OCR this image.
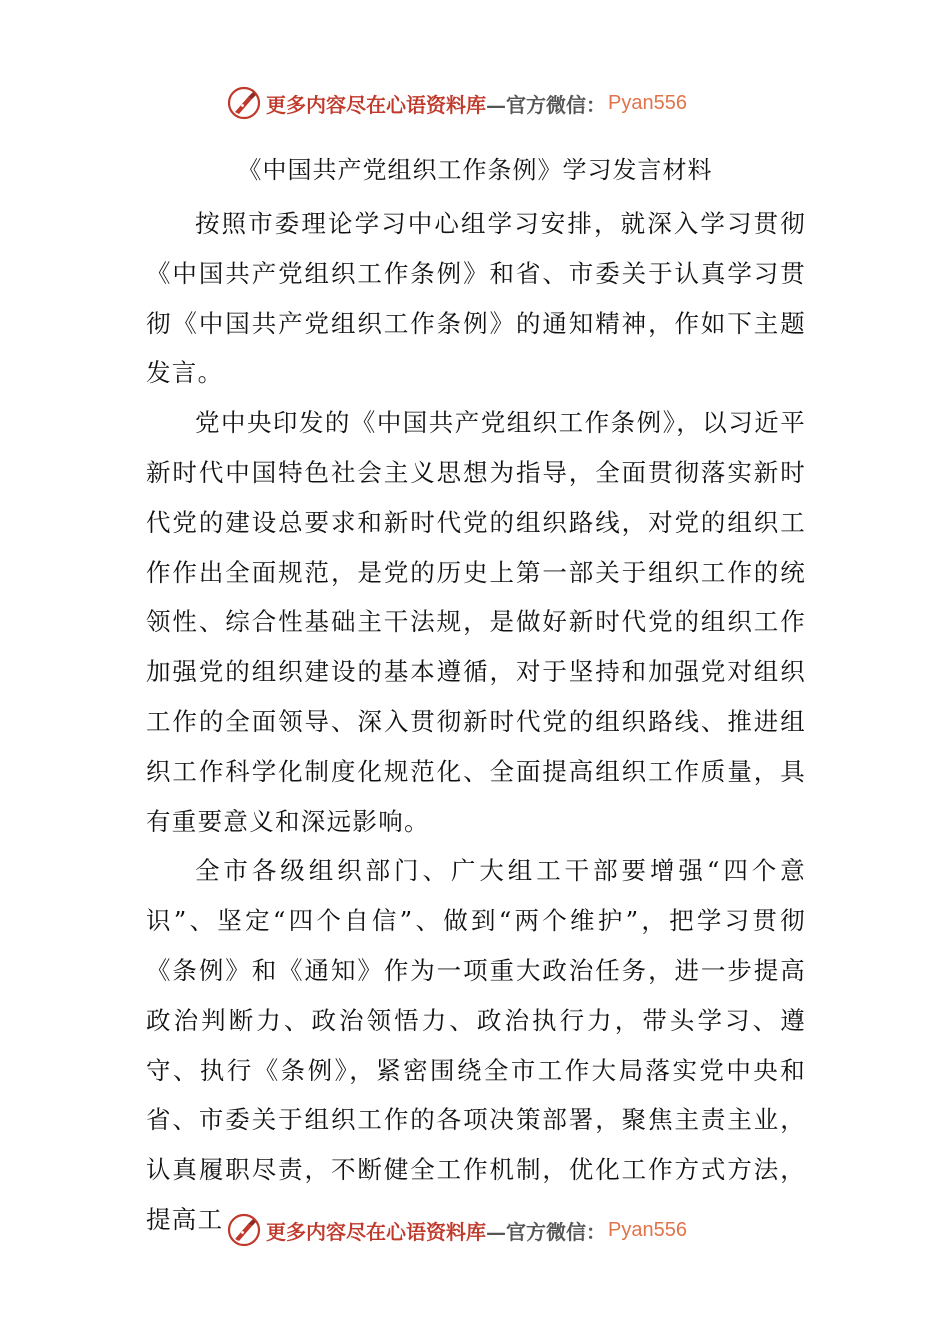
更多内容尽在心语资料库 —官方微信： Pyan556
《中国共产党组织工作条例》学习发言材料

按照市委理论学习中心组学习安排，就深入学习贯彻《中国共产党组织工作条例》和省、市委关于认真学习贯彻《中国共产党组织工作条例》的通知精神，作如下主题发言。

党中央印发的《中国共产党组织工作条例》，以习近平新时代中国特色社会主义思想为指导，全面贯彻落实新时代党的建设总要求和新时代党的组织路线，对党的组织工作作出全面规范，是党的历史上第一部关于组织工作的统领性、综合性基础主干法规，是做好新时代党的组织工作加强党的组织建设的基本遵循，对于坚持和加强党对组织工作的全面领导、深入贯彻新时代党的组织路线、推进组织工作科学化制度化规范化、全面提高组织工作质量，具有重要意义和深远影响。

全市各级组织部门、广大组工干部要增强“四个意识”、坚定“四个自信”、做到“两个维护”，把学习贯彻《条例》和《通知》作为一项重大政治任务，进一步提高政治判断力、政治领悟力、政治执行力，带头学习、遵守、执行《条例》，紧密围绕全市工作大局落实党中央和省、市委关于组织工作的各项决策部署，聚焦主责主业，认真履职尽责，不断健全工作机制，优化工作方式方法，提高工	更多内容尽在心语资料库 —官方微信： Pyan556
